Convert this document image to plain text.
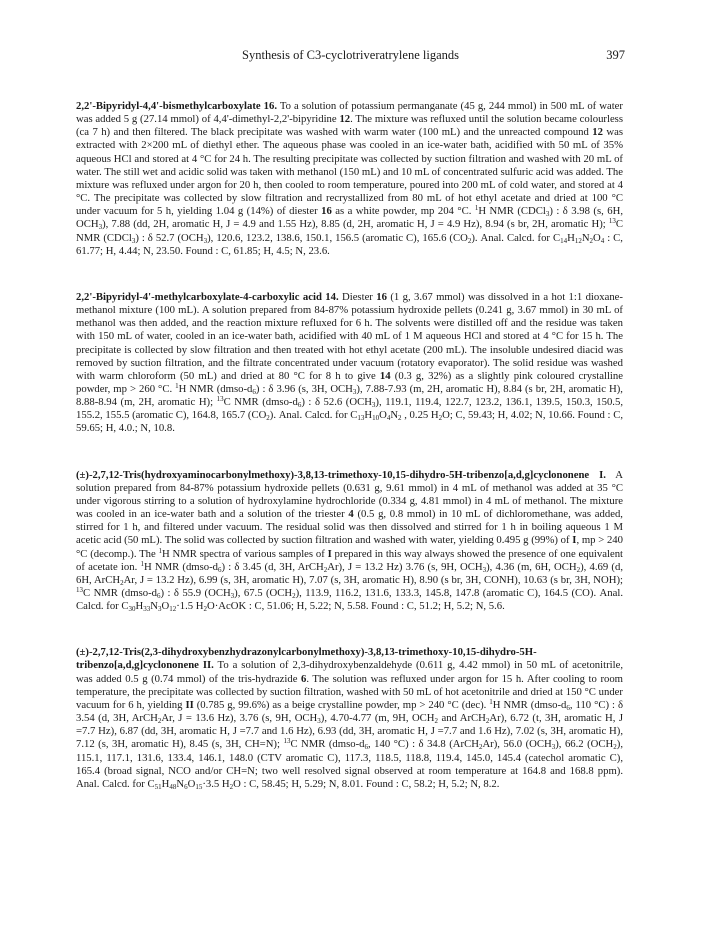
Synthesis of C3-cyclotriveratrylene ligands	397

2,2'-Bipyridyl-4,4'-bismethylcarboxylate 16. To a solution of potassium permanganate (45 g, 244 mmol) in 500 mL of water was added 5 g (27.14 mmol) of 4,4'-dimethyl-2,2'-bipyridine 12. The mixture was refluxed until the solution became colourless (ca 7 h) and then filtered. The black precipitate was washed with warm water (100 mL) and the unreacted compound 12 was extracted with 2×200 mL of diethyl ether. The aqueous phase was cooled in an ice-water bath, acidified with 50 mL of 35% aqueous HCl and stored at 4 °C for 24 h. The resulting precipitate was collected by suction filtration and washed with 20 mL of water. The still wet and acidic solid was taken with methanol (150 mL) and 10 mL of concentrated sulfuric acid was added. The mixture was refluxed under argon for 20 h, then cooled to room temperature, poured into 200 mL of cold water, and stored at 4 °C. The precipitate was collected by slow filtration and recrystallized from 80 mL of hot ethyl acetate and dried at 100 °C under vacuum for 5 h, yielding 1.04 g (14%) of diester 16 as a white powder, mp 204 °C. $^1$H NMR (CDCl$_3$) : δ 3.98 (s, 6H, $OCH_3$), 7.88 (dd, 2H, aromatic H, J = 4.9 and 1.55 Hz), 8.85 (d, 2H, aromatic H, J = 4.9 Hz), 8.94 (s br, 2H, aromatic H); $^{13}$C NMR (CDCl$_3$) : δ 52.7 $(OCH_3)$, 120.6, 123.2, 138.6, 150.1, 156.5 (aromatic C), 165.6 $(CO_2)$. Anal. Calcd. for $C_{14}H_{12}N_2O_4$ : C, 61.77; H, 4.44; N, 23.50. Found : C, 61.85; H, 4.5; N, 23.6.

2,2'-Bipyridyl-4'-methylcarboxylate-4-carboxylic acid 14. Diester 16 (1 g, 3.67 mmol) was dissolved in a hot 1:1 dioxane-methanol mixture (100 mL). A solution prepared from 84-87% potassium hydroxide pellets (0.241 g, 3.67 mmol) in 30 mL of methanol was then added, and the reaction mixture refluxed for 6 h. The solvents were distilled off and the residue was taken with 150 mL of water, cooled in an ice-water bath, acidified with 40 mL of 1 M aqueous HCl and stored at 4 °C for 15 h. The precipitate is collected by slow filtration and then treated with hot ethyl acetate (200 mL). The insoluble undesired diacid was removed by suction filtration, and the filtrate concentrated under vacuum (rotatory evaporator). The solid residue was washed with warm chloroform (50 mL) and dried at 80 °C for 8 h to give 14 (0.3 g, 32%) as a slightly pink coloured crystalline powder, mp > 260 °C. $^1$H NMR $(dmso-d_6)$ : δ 3.96 (s, 3H, $OCH_3$), 7.88-7.93 (m, 2H, aromatic H), 8.84 (s br, 2H, aromatic H), 8.88-8.94 (m, 2H, aromatic H); $^{13}$C NMR $(dmso-d_6)$ : δ 52.6 $(OCH_3)$, 119.1, 119.4, 122.7, 123.2, 136.1, 139.5, 150.3, 150.5, 155.2, 155.5 (aromatic C), 164.8, 165.7 $(CO_2)$. Anal. Calcd. for $C_{13}H_{10}O_4N_2$ , 0.25 $H_2O$; C, 59.43; H, 4.02; N, 10.66. Found : C, 59.65; H, 4.0.; N, 10.8.

(±)-2,7,12-Tris(hydroxyaminocarbonylmethoxy)-3,8,13-trimethoxy-10,15-dihydro-5H-tribenzo[a,d,g]cyclononene I. A solution prepared from 84-87% potassium hydroxide pellets (0.631 g, 9.61 mmol) in 4 mL of methanol was added at 35 °C under vigorous stirring to a solution of hydroxylamine hydrochloride (0.334 g, 4.81 mmol) in 4 mL of methanol. The mixture was cooled in an ice-water bath and a solution of the triester 4 (0.5 g, 0.8 mmol) in 10 mL of dichloromethane, was added, stirred for 1 h, and filtered under vacuum. The residual solid was then dissolved and stirred for 1 h in boiling aqueous 1 M acetic acid (50 mL). The solid was collected by suction filtration and washed with water, yielding 0.495 g (99%) of I, mp > 240 °C (decomp.). The $^1$H NMR spectra of various samples of I prepared in this way always showed the presence of one equivalent of acetate ion. $^1$H NMR $(dmso-d_6)$ : δ 3.45 (d, 3H, ArCH$_2$Ar), J = 13.2 Hz) 3.76 (s, 9H, $OCH_3$), 4.36 (m, 6H, $OCH_2$), 4.69 (d, 6H, ArCH$_2$Ar, J = 13.2 Hz), 6.99 (s, 3H, aromatic H), 7.07 (s, 3H, aromatic H), 8.90 (s br, 3H, CONH), 10.63 (s br, 3H, NOH); $^{13}$C NMR $(dmso-d_6)$ : δ 55.9 $(OCH_3)$, 67.5 $(OCH_2)$, 113.9, 116.2, 131.6, 133.3, 145.8, 147.8 (aromatic C), 164.5 (CO). Anal. Calcd. for $C_{30}H_{33}N_3O_{12}\cdot 1.5$ $H_2O\cdot AcOK$ : C, 51.06; H, 5.22; N, 5.58. Found : C, 51.2; H, 5.2; N, 5.6.

(±)-2,7,12-Tris(2,3-dihydroxybenzhydrazonylcarbonylmethoxy)-3,8,13-trimethoxy-10,15-dihydro-5H-tribenzo[a,d,g]cyclononene II. To a solution of 2,3-dihydroxybenzaldehyde (0.611 g, 4.42 mmol) in 50 mL of acetonitrile, was added 0.5 g (0.74 mmol) of the tris-hydrazide 6. The solution was refluxed under argon for 15 h. After cooling to room temperature, the precipitate was collected by suction filtration, washed with 50 mL of hot acetonitrile and dried at 150 °C under vacuum for 6 h, yielding II (0.785 g, 99.6%) as a beige crystalline powder, mp > 240 °C (dec). $^1$H NMR ($dmso-d_6$, 110 °C) : δ 3.54 (d, 3H, ArCH$_2$Ar, J = 13.6 Hz), 3.76 (s, 9H, $OCH_3$), 4.70-4.77 (m, 9H, $OCH_2$ and ArCH$_2$Ar), 6.72 (t, 3H, aromatic H, J =7.7 Hz), 6.87 (dd, 3H, aromatic H, J =7.7 and 1.6 Hz), 6.93 (dd, 3H, aromatic H, J =7.7 and 1.6 Hz), 7.02 (s, 3H, aromatic H), 7.12 (s, 3H, aromatic H), 8.45 (s, 3H, CH=N); $^{13}$C NMR ($dmso-d_6$, 140 °C) : δ 34.8 (ArCH$_2$Ar), 56.0 $(OCH_3)$, 66.2 $(OCH_2)$, 115.1, 117.1, 131.6, 133.4, 146.1, 148.0 (CTV aromatic C), 117.3, 118.5, 118.8, 119.4, 145.0, 145.4 (catechol aromatic C), 165.4 (broad signal, NCO and/or CH=N; two well resolved signal observed at room temperature at 164.8 and 168.8 ppm). Anal. Calcd. for $C_{51}H_{48}N_6O_{15}\cdot 3.5$ $H_2O$ : C, 58.45; H, 5.29; N, 8.01. Found : C, 58.2; H, 5.2; N, 8.2.
